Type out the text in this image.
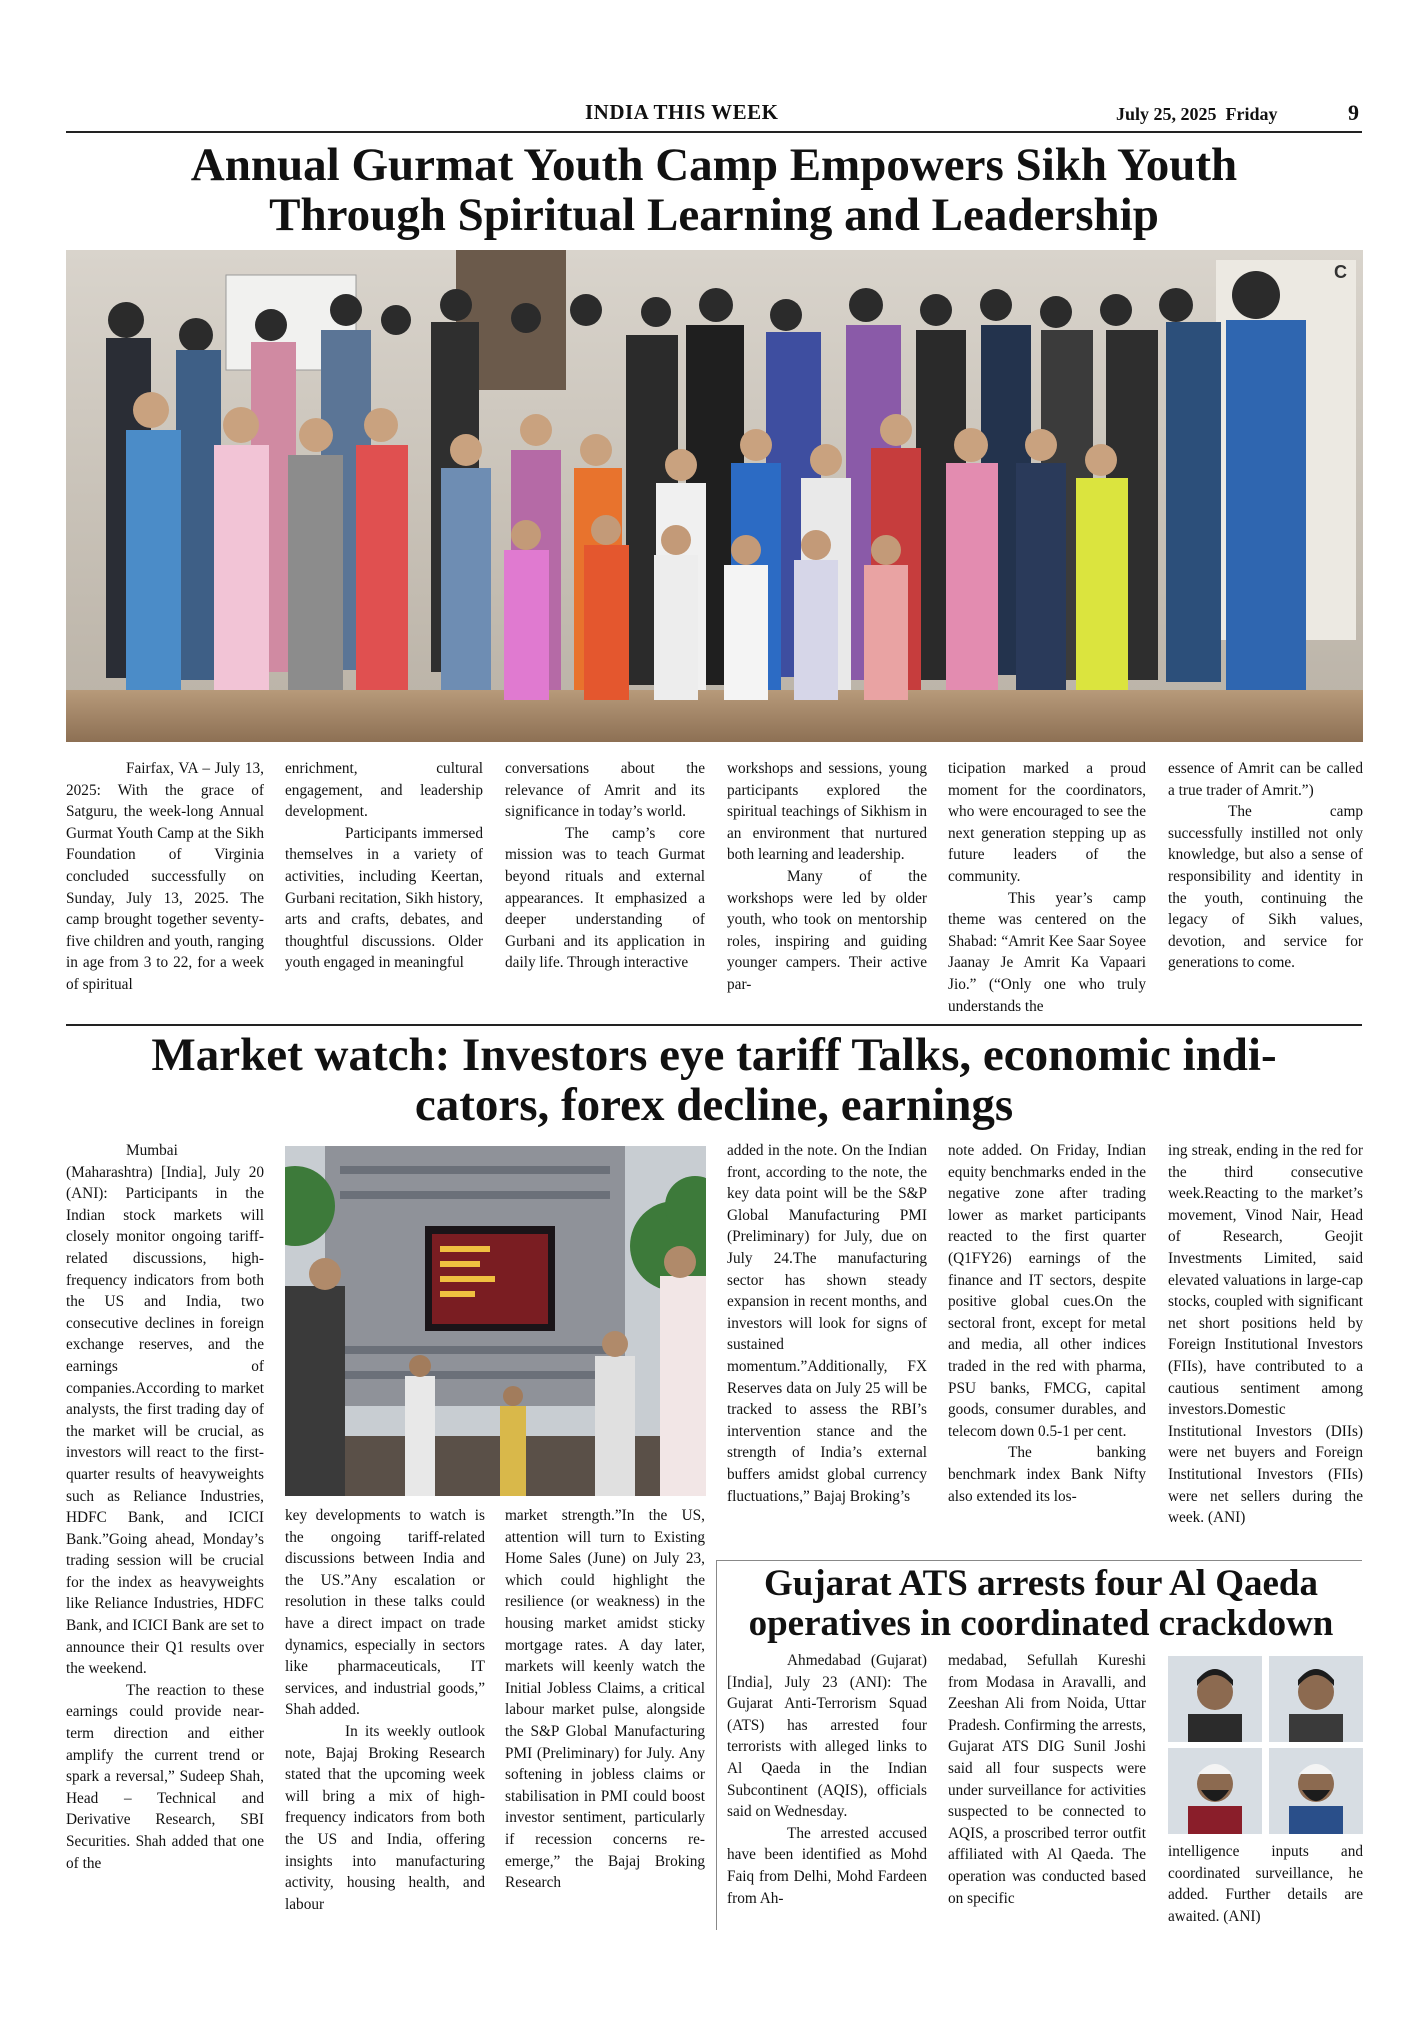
INDIA THIS WEEK	July 25, 2025  Friday	9
Annual Gurmat Youth Camp Empowers Sikh Youth
Through Spiritual Learning and Leadership
C

Fairfax, VA – July 13, 2025: With the grace of Satguru, the week-long Annual Gurmat Youth Camp at the Sikh Foundation of Virginia concluded successfully on Sunday, July 13, 2025. The camp brought together seventy-five children and youth, ranging in age from 3 to 22, for a week of spiritual

enrichment, cultural engagement, and leadership development.

Participants immersed themselves in a variety of activities, including Keertan, Gurbani recitation, Sikh history, arts and crafts, debates, and thoughtful discussions. Older youth engaged in meaningful

conversations about the relevance of Amrit and its significance in today’s world.

The camp’s core mission was to teach Gurmat beyond rituals and external appearances. It emphasized a deeper understanding of Gurbani and its application in daily life. Through interactive

workshops and sessions, young participants explored the spiritual teachings of Sikhism in an environment that nurtured both learning and leadership.

Many of the workshops were led by older youth, who took on mentorship roles, inspiring and guiding younger campers. Their active par-

ticipation marked a proud moment for the coordinators, who were encouraged to see the next generation stepping up as future leaders of the community.

This year’s camp theme was centered on the Shabad: “Amrit Kee Saar Soyee Jaanay Je Amrit Ka Vapaari Jio.” (“Only one who truly understands the

essence of Amrit can be called a true trader of Amrit.”)

The camp successfully instilled not only knowledge, but also a sense of responsibility and identity in the youth, continuing the legacy of Sikh values, devotion, and service for generations to come.

Market watch: Investors eye tariff Talks, economic indi-
cators, forex decline, earnings

Mumbai (Maharashtra) [India], July 20 (ANI): Participants in the Indian stock markets will closely monitor ongoing tariff-related discussions, high-frequency indicators from both the US and India, two consecutive declines in foreign exchange reserves, and the earnings of companies.According to market analysts, the first trading day of the market will be crucial, as investors will react to the first-quarter results of heavyweights such as Reliance Industries, HDFC Bank, and ICICI Bank.”Going ahead, Monday’s trading session will be crucial for the index as heavyweights like Reliance Industries, HDFC Bank, and ICICI Bank are set to announce their Q1 results over the weekend.

The reaction to these earnings could provide near-term direction and either amplify the current trend or spark a reversal,” Sudeep Shah, Head – Technical and Derivative Research, SBI Securities. Shah added that one of the

key developments to watch is the ongoing tariff-related discussions between India and the US.”Any escalation or resolution in these talks could have a direct impact on trade dynamics, especially in sectors like pharmaceuticals, IT services, and industrial goods,” Shah added.

In its weekly outlook note, Bajaj Broking Research stated that the upcoming week will bring a mix of high-frequency indicators from both the US and India, offering insights into manufacturing activity, housing health, and labour

market strength.”In the US, attention will turn to Existing Home Sales (June) on July 23, which could highlight the resilience (or weakness) in the housing market amidst sticky mortgage rates. A day later, markets will keenly watch the Initial Jobless Claims, a critical labour market pulse, alongside the S&P Global Manufacturing PMI (Preliminary) for July. Any softening in jobless claims or stabilisation in PMI could boost investor sentiment, particularly if recession concerns re-emerge,” the Bajaj Broking Research

added in the note. On the Indian front, according to the note, the key data point will be the S&P Global Manufacturing PMI (Preliminary) for July, due on July 24.The manufacturing sector has shown steady expansion in recent months, and investors will look for signs of sustained momentum.”Additionally, FX Reserves data on July 25 will be tracked to assess the RBI’s intervention stance and the strength of India’s external buffers amidst global currency fluctuations,” Bajaj Broking’s

note added. On Friday, Indian equity benchmarks ended in the negative zone after trading lower as market participants reacted to the first quarter (Q1FY26) earnings of the finance and IT sectors, despite positive global cues.On the sectoral front, except for metal and media, all other indices traded in the red with pharma, PSU banks, FMCG, capital goods, consumer durables, and telecom down 0.5-1 per cent.

The banking benchmark index Bank Nifty also extended its los-

ing streak, ending in the red for the third consecutive week.Reacting to the market’s movement, Vinod Nair, Head of Research, Geojit Investments Limited, said elevated valuations in large-cap stocks, coupled with significant net short positions held by Foreign Institutional Investors (FIIs), have contributed to a cautious sentiment among investors.Domestic Institutional Investors (DIIs) were net buyers and Foreign Institutional Investors (FIIs) were net sellers during the week. (ANI)

Gujarat ATS arrests four Al Qaeda
operatives in coordinated crackdown

Ahmedabad (Gujarat) [India], July 23 (ANI): The Gujarat Anti-Terrorism Squad (ATS) has arrested four terrorists with alleged links to Al Qaeda in the Indian Subcontinent (AQIS), officials said on Wednesday.

The arrested accused have been identified as Mohd Faiq from Delhi, Mohd Fardeen from Ah-

medabad, Sefullah Kureshi from Modasa in Aravalli, and Zeeshan Ali from Noida, Uttar Pradesh. Confirming the arrests, Gujarat ATS DIG Sunil Joshi said all four suspects were under surveillance for activities suspected to be connected to AQIS, a proscribed terror outfit affiliated with Al Qaeda. The operation was conducted based on specific

intelligence inputs and coordinated surveillance, he added. Further details are awaited. (ANI)
